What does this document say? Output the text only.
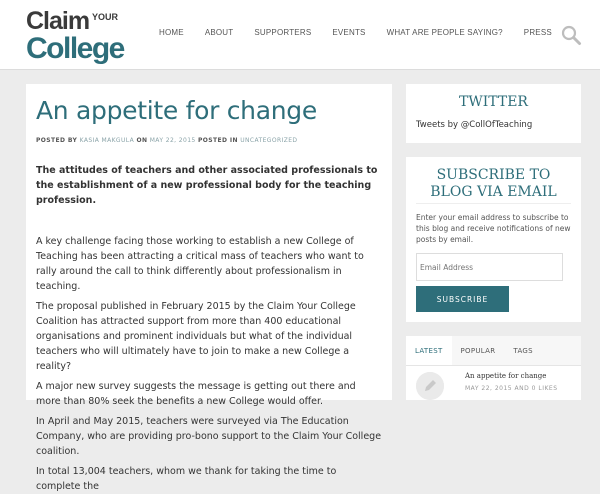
Claim YOUR
College	HOME	ABOUT	SUPPORTERS	EVENTS	WHAT ARE PEOPLE SAYING?	PRESS
An appetite for change
POSTED BY KASIA MAKGULA ON MAY 22, 2015 POSTED IN UNCATEGORIZED

The attitudes of teachers and other associated professionals to the establishment of a new professional body for the teaching profession.

A key challenge facing those working to establish a new College of Teaching has been attracting a critical mass of teachers who want to rally around the call to think differently about professionalism in teaching.

The proposal published in February 2015 by the Claim Your College Coalition has attracted support from more than 400 educational organisations and prominent individuals but what of the individual teachers who will ultimately have to join to make a new College a reality?

A major new survey suggests the message is getting out there and more than 80% seek the benefits a new College would offer.

In April and May 2015, teachers were surveyed via The Education Company, who are providing pro-bono support to the Claim Your College coalition.

In total 13,004 teachers, whom we thank for taking the time to complete the

TWITTER
Tweets by @CollOfTeaching
SUBSCRIBE TO BLOG VIA EMAIL

Enter your email address to subscribe to this blog and receive notifications of new posts by email.

Email Address
SUBSCRIBE
LATEST	POPULAR	TAGS
An appetite for change
MAY 22, 2015 AND 0 LIKES
